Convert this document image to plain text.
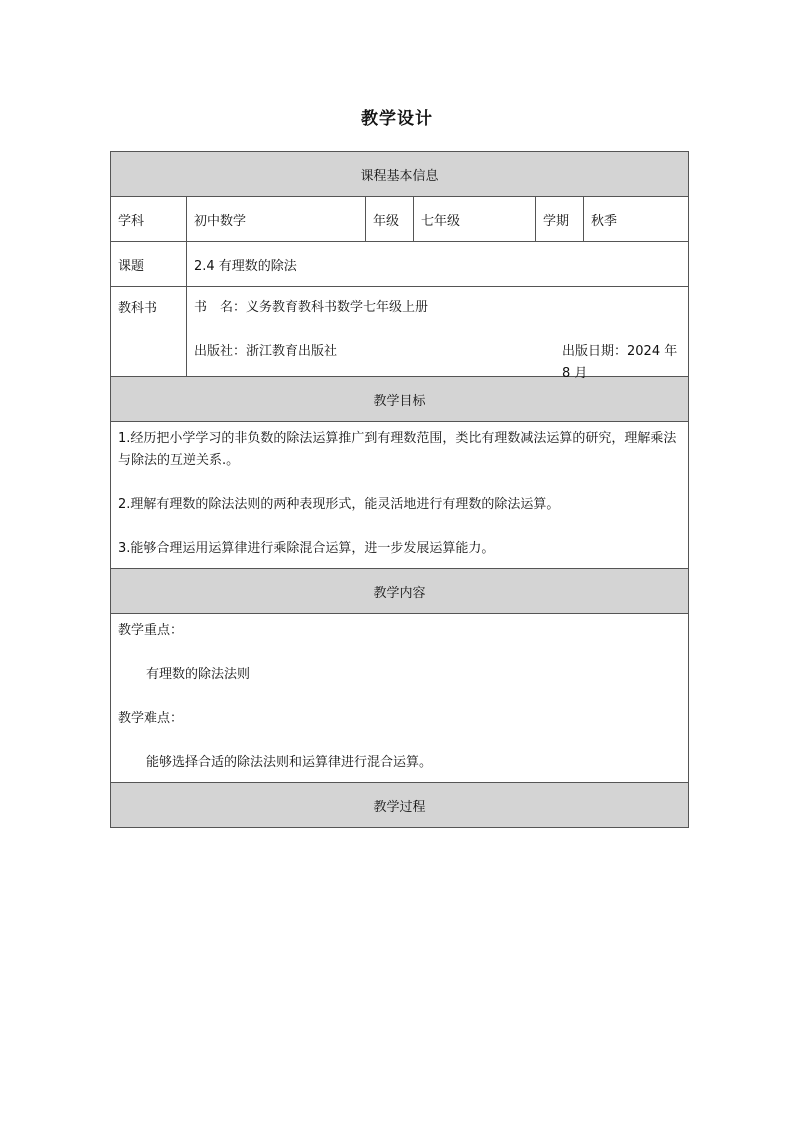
教学设计
课程基本信息					
学科	初中数学	年级	七年级	学期	秋季
课题	2.4 有理数的除法				
教科书	书　名：义务教育教科书数学七年级上册
出版社：浙江教育出版社 出版日期：2024 年 8 月				

教学目标					

1.经历把小学学习的非负数的除法运算推广到有理数范围，类比有理数减法运算的研究，理解乘法与除法的互逆关系.。

2.理解有理数的除法法则的两种表现形式，能灵活地进行有理数的除法运算。

3.能够合理运用运算律进行乘除混合运算，进一步发展运算能力。					

教学内容					

教学重点：

有理数的除法法则

教学难点：

能够选择合适的除法法则和运算律进行混合运算。					

教学过程					
